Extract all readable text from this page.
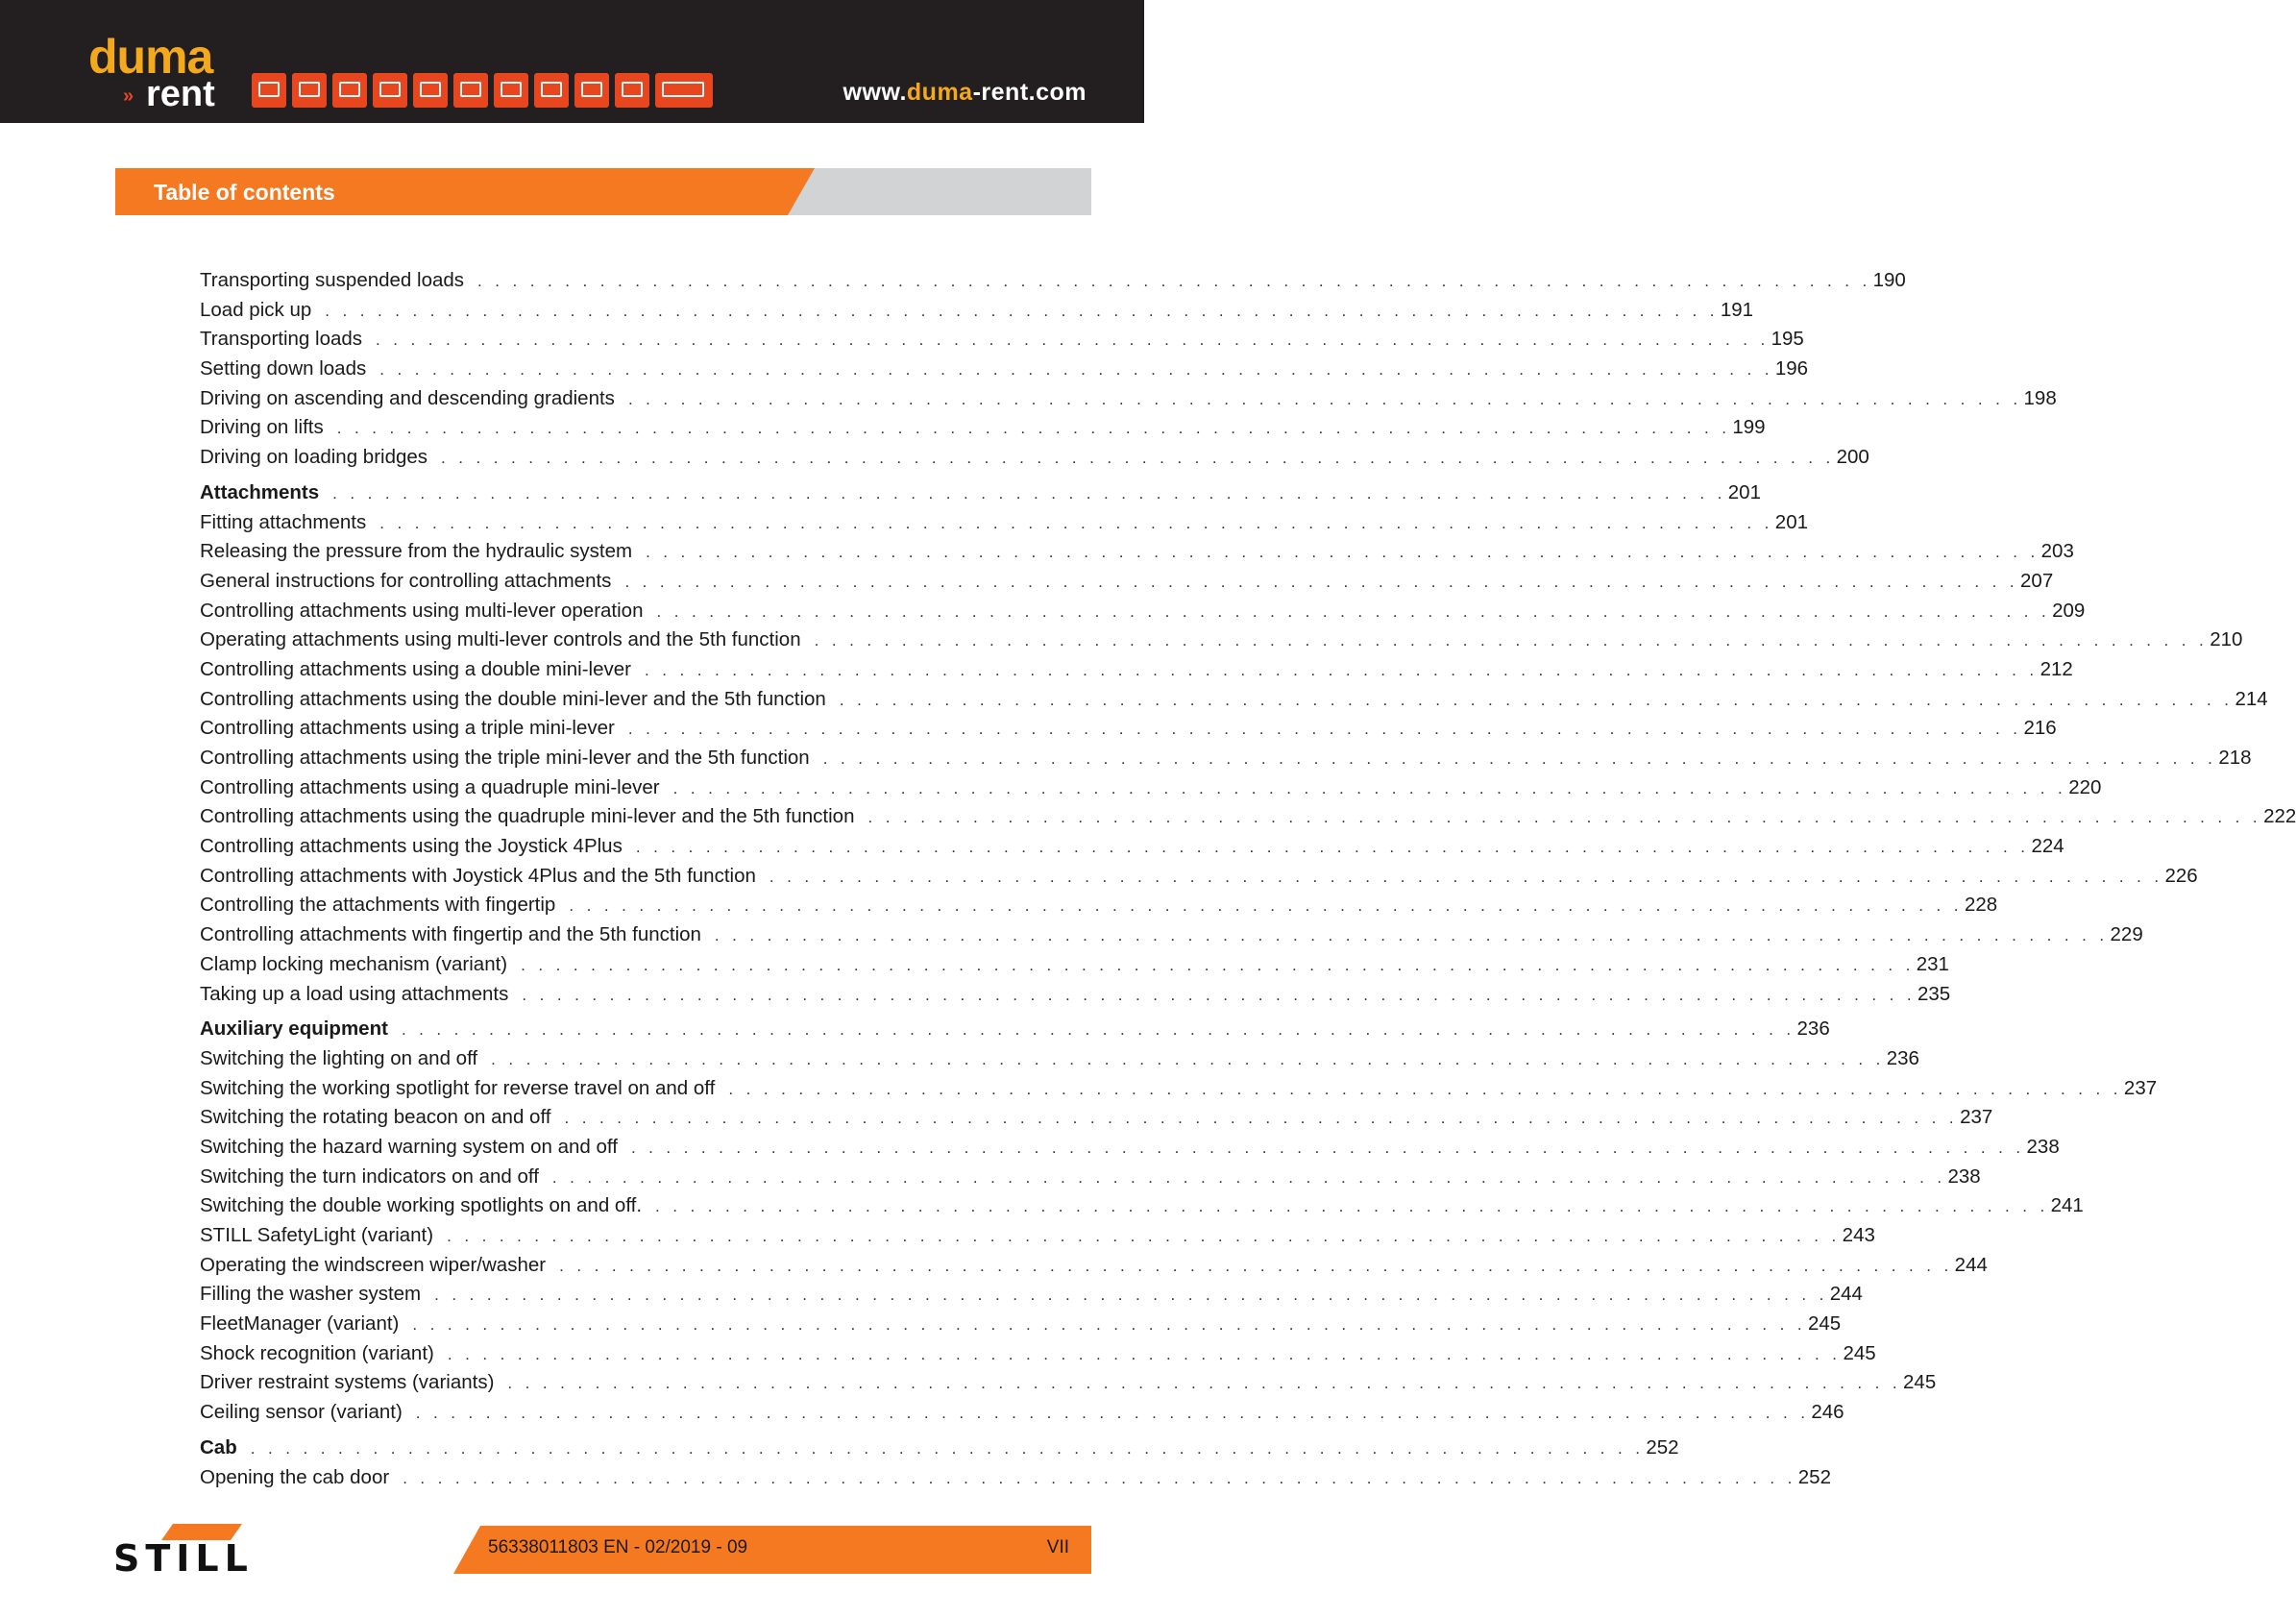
duma
» rent	www.duma-rent.com
Table of contents
Transporting suspended loads . . . . . . . . . . . . . . . . . . . . . . . . . . . . . . . . . . . . . . . . . . . . . . . . . . . . . . . . . . . . . . . . . . . . . . . . . . . . . . . . 190
Load pick up . . . . . . . . . . . . . . . . . . . . . . . . . . . . . . . . . . . . . . . . . . . . . . . . . . . . . . . . . . . . . . . . . . . . . . . . . . . . . . . . 191
Transporting loads . . . . . . . . . . . . . . . . . . . . . . . . . . . . . . . . . . . . . . . . . . . . . . . . . . . . . . . . . . . . . . . . . . . . . . . . . . . . . . . . 195
Setting down loads . . . . . . . . . . . . . . . . . . . . . . . . . . . . . . . . . . . . . . . . . . . . . . . . . . . . . . . . . . . . . . . . . . . . . . . . . . . . . . . . 196
Driving on ascending and descending gradients . . . . . . . . . . . . . . . . . . . . . . . . . . . . . . . . . . . . . . . . . . . . . . . . . . . . . . . . . . . . . . . . . . . . . . . . . . . . . . . . 198
Driving on lifts . . . . . . . . . . . . . . . . . . . . . . . . . . . . . . . . . . . . . . . . . . . . . . . . . . . . . . . . . . . . . . . . . . . . . . . . . . . . . . . . 199
Driving on loading bridges . . . . . . . . . . . . . . . . . . . . . . . . . . . . . . . . . . . . . . . . . . . . . . . . . . . . . . . . . . . . . . . . . . . . . . . . . . . . . . . . 200
Attachments . . . . . . . . . . . . . . . . . . . . . . . . . . . . . . . . . . . . . . . . . . . . . . . . . . . . . . . . . . . . . . . . . . . . . . . . . . . . . . . . 201
Fitting attachments . . . . . . . . . . . . . . . . . . . . . . . . . . . . . . . . . . . . . . . . . . . . . . . . . . . . . . . . . . . . . . . . . . . . . . . . . . . . . . . . 201
Releasing the pressure from the hydraulic system . . . . . . . . . . . . . . . . . . . . . . . . . . . . . . . . . . . . . . . . . . . . . . . . . . . . . . . . . . . . . . . . . . . . . . . . . . . . . . . . 203
General instructions for controlling attachments . . . . . . . . . . . . . . . . . . . . . . . . . . . . . . . . . . . . . . . . . . . . . . . . . . . . . . . . . . . . . . . . . . . . . . . . . . . . . . . . 207
Controlling attachments using multi-lever operation . . . . . . . . . . . . . . . . . . . . . . . . . . . . . . . . . . . . . . . . . . . . . . . . . . . . . . . . . . . . . . . . . . . . . . . . . . . . . . . . 209
Operating attachments using multi-lever controls and the 5th function . . . . . . . . . . . . . . . . . . . . . . . . . . . . . . . . . . . . . . . . . . . . . . . . . . . . . . . . . . . . . . . . . . . . . . . . . . . . . . . . 210
Controlling attachments using a double mini-lever . . . . . . . . . . . . . . . . . . . . . . . . . . . . . . . . . . . . . . . . . . . . . . . . . . . . . . . . . . . . . . . . . . . . . . . . . . . . . . . . 212
Controlling attachments using the double mini-lever and the 5th function . . . . . . . . . . . . . . . . . . . . . . . . . . . . . . . . . . . . . . . . . . . . . . . . . . . . . . . . . . . . . . . . . . . . . . . . . . . . . . . . 214
Controlling attachments using a triple mini-lever . . . . . . . . . . . . . . . . . . . . . . . . . . . . . . . . . . . . . . . . . . . . . . . . . . . . . . . . . . . . . . . . . . . . . . . . . . . . . . . . 216
Controlling attachments using the triple mini-lever and the 5th function . . . . . . . . . . . . . . . . . . . . . . . . . . . . . . . . . . . . . . . . . . . . . . . . . . . . . . . . . . . . . . . . . . . . . . . . . . . . . . . . 218
Controlling attachments using a quadruple mini-lever . . . . . . . . . . . . . . . . . . . . . . . . . . . . . . . . . . . . . . . . . . . . . . . . . . . . . . . . . . . . . . . . . . . . . . . . . . . . . . . . 220
Controlling attachments using the quadruple mini-lever and the 5th function . . . . . . . . . . . . . . . . . . . . . . . . . . . . . . . . . . . . . . . . . . . . . . . . . . . . . . . . . . . . . . . . . . . . . . . . . . . . . . . . 222
Controlling attachments using the Joystick 4Plus . . . . . . . . . . . . . . . . . . . . . . . . . . . . . . . . . . . . . . . . . . . . . . . . . . . . . . . . . . . . . . . . . . . . . . . . . . . . . . . . 224
Controlling attachments with Joystick 4Plus and the 5th function . . . . . . . . . . . . . . . . . . . . . . . . . . . . . . . . . . . . . . . . . . . . . . . . . . . . . . . . . . . . . . . . . . . . . . . . . . . . . . . . 226
Controlling the attachments with fingertip . . . . . . . . . . . . . . . . . . . . . . . . . . . . . . . . . . . . . . . . . . . . . . . . . . . . . . . . . . . . . . . . . . . . . . . . . . . . . . . . 228
Controlling attachments with fingertip and the 5th function . . . . . . . . . . . . . . . . . . . . . . . . . . . . . . . . . . . . . . . . . . . . . . . . . . . . . . . . . . . . . . . . . . . . . . . . . . . . . . . . 229
Clamp locking mechanism (variant) . . . . . . . . . . . . . . . . . . . . . . . . . . . . . . . . . . . . . . . . . . . . . . . . . . . . . . . . . . . . . . . . . . . . . . . . . . . . . . . . 231
Taking up a load using attachments . . . . . . . . . . . . . . . . . . . . . . . . . . . . . . . . . . . . . . . . . . . . . . . . . . . . . . . . . . . . . . . . . . . . . . . . . . . . . . . . 235
Auxiliary equipment . . . . . . . . . . . . . . . . . . . . . . . . . . . . . . . . . . . . . . . . . . . . . . . . . . . . . . . . . . . . . . . . . . . . . . . . . . . . . . . . 236
Switching the lighting on and off . . . . . . . . . . . . . . . . . . . . . . . . . . . . . . . . . . . . . . . . . . . . . . . . . . . . . . . . . . . . . . . . . . . . . . . . . . . . . . . . 236
Switching the working spotlight for reverse travel on and off . . . . . . . . . . . . . . . . . . . . . . . . . . . . . . . . . . . . . . . . . . . . . . . . . . . . . . . . . . . . . . . . . . . . . . . . . . . . . . . . 237
Switching the rotating beacon on and off . . . . . . . . . . . . . . . . . . . . . . . . . . . . . . . . . . . . . . . . . . . . . . . . . . . . . . . . . . . . . . . . . . . . . . . . . . . . . . . . 237
Switching the hazard warning system on and off . . . . . . . . . . . . . . . . . . . . . . . . . . . . . . . . . . . . . . . . . . . . . . . . . . . . . . . . . . . . . . . . . . . . . . . . . . . . . . . . 238
Switching the turn indicators on and off . . . . . . . . . . . . . . . . . . . . . . . . . . . . . . . . . . . . . . . . . . . . . . . . . . . . . . . . . . . . . . . . . . . . . . . . . . . . . . . . 238
Switching the double working spotlights on and off. . . . . . . . . . . . . . . . . . . . . . . . . . . . . . . . . . . . . . . . . . . . . . . . . . . . . . . . . . . . . . . . . . . . . . . . . . . . . . . . . 241
STILL SafetyLight (variant) . . . . . . . . . . . . . . . . . . . . . . . . . . . . . . . . . . . . . . . . . . . . . . . . . . . . . . . . . . . . . . . . . . . . . . . . . . . . . . . . 243
Operating the windscreen wiper/washer . . . . . . . . . . . . . . . . . . . . . . . . . . . . . . . . . . . . . . . . . . . . . . . . . . . . . . . . . . . . . . . . . . . . . . . . . . . . . . . . 244
Filling the washer system . . . . . . . . . . . . . . . . . . . . . . . . . . . . . . . . . . . . . . . . . . . . . . . . . . . . . . . . . . . . . . . . . . . . . . . . . . . . . . . . 244
FleetManager (variant) . . . . . . . . . . . . . . . . . . . . . . . . . . . . . . . . . . . . . . . . . . . . . . . . . . . . . . . . . . . . . . . . . . . . . . . . . . . . . . . . 245
Shock recognition (variant) . . . . . . . . . . . . . . . . . . . . . . . . . . . . . . . . . . . . . . . . . . . . . . . . . . . . . . . . . . . . . . . . . . . . . . . . . . . . . . . . 245
Driver restraint systems (variants) . . . . . . . . . . . . . . . . . . . . . . . . . . . . . . . . . . . . . . . . . . . . . . . . . . . . . . . . . . . . . . . . . . . . . . . . . . . . . . . . 245
Ceiling sensor (variant) . . . . . . . . . . . . . . . . . . . . . . . . . . . . . . . . . . . . . . . . . . . . . . . . . . . . . . . . . . . . . . . . . . . . . . . . . . . . . . . . 246
Cab . . . . . . . . . . . . . . . . . . . . . . . . . . . . . . . . . . . . . . . . . . . . . . . . . . . . . . . . . . . . . . . . . . . . . . . . . . . . . . . . 252
Opening the cab door . . . . . . . . . . . . . . . . . . . . . . . . . . . . . . . . . . . . . . . . . . . . . . . . . . . . . . . . . . . . . . . . . . . . . . . . . . . . . . . . 252
STILL	56338011803 EN - 02/2019 - 09	VII
